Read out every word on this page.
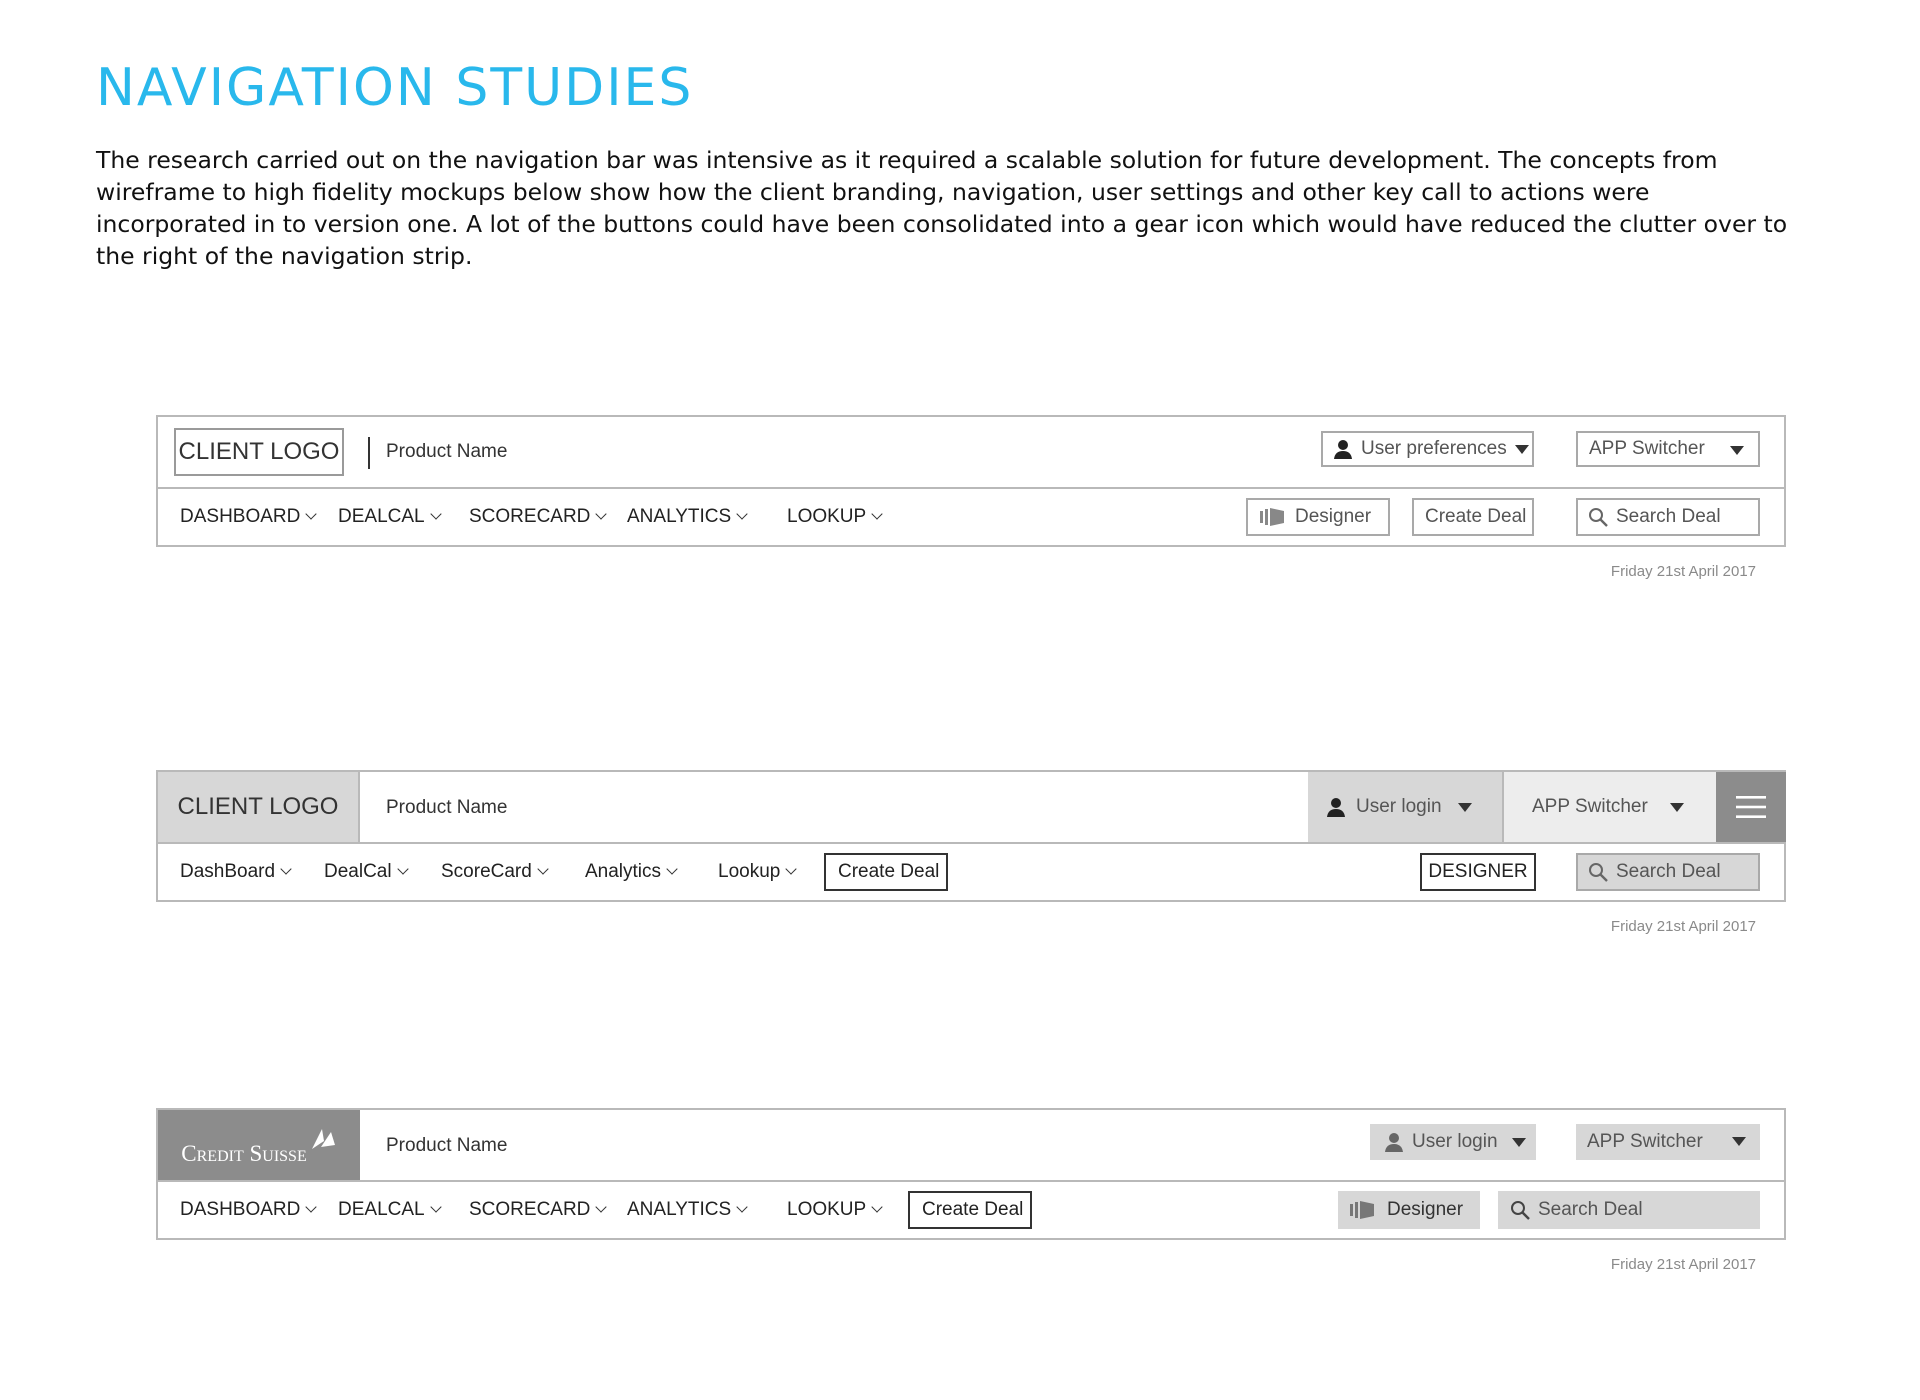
NAVIGATION STUDIES

The research carried out on the navigation bar was intensive as it required a scalable solution for future development. The concepts from wireframe to high fidelity mockups below show how the client branding, navigation, user settings and other key call to actions were incorporated in to version one. A lot of the buttons could have been consolidated into a gear icon which would have reduced the clutter over to the right of the navigation strip.

CLIENT LOGO Product Name	User preferences	APP Switcher
DASHBOARD DEALCAL SCORECARD ANALYTICS	LOOKUP	Designer	Create Deal	Search Deal
Friday 21st April 2017
CLIENT LOGO	Product Name	User login	APP Switcher
DashBoard	DealCal	ScoreCard	Analytics	Lookup	Create Deal	DESIGNER	Search Deal
Friday 21st April 2017
Credit Suisse	Product Name	User login	APP Switcher
DASHBOARD DEALCAL SCORECARD ANALYTICS	LOOKUP	Create Deal	Designer	Search Deal
Friday 21st April 2017
